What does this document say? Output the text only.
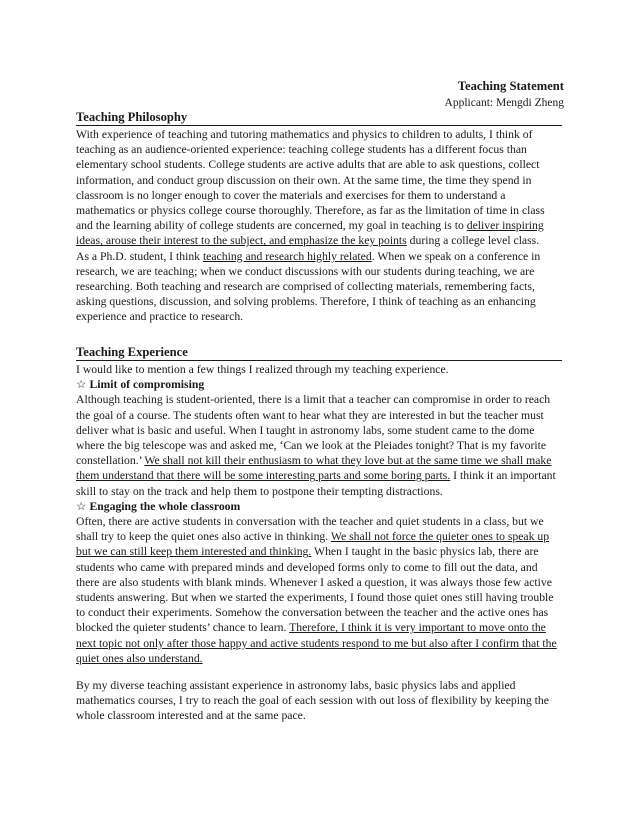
Teaching Statement
Applicant: Mengdi Zheng
Teaching Philosophy

With experience of teaching and tutoring mathematics and physics to children to adults, I think of teaching as an audience-oriented experience: teaching college students has a different focus than elementary school students. College students are active adults that are able to ask questions, collect information, and conduct group discussion on their own. At the same time, the time they spend in classroom is no longer enough to cover the materials and exercises for them to understand a mathematics or physics college course thoroughly. Therefore, as far as the limitation of time in class and the learning ability of college students are concerned, my goal in teaching is to deliver inspiring ideas, arouse their interest to the subject, and emphasize the key points during a college level class.

As a Ph.D. student, I think teaching and research highly related. When we speak on a conference in research, we are teaching; when we conduct discussions with our students during teaching, we are researching. Both teaching and research are comprised of collecting materials, remembering facts, asking questions, discussion, and solving problems. Therefore, I think of teaching as an enhancing experience and practice to research.

Teaching Experience

I would like to mention a few things I realized through my teaching experience.

☆ Limit of compromising

Although teaching is student-oriented, there is a limit that a teacher can compromise in order to reach the goal of a course. The students often want to hear what they are interested in but the teacher must deliver what is basic and useful. When I taught in astronomy labs, some student came to the dome where the big telescope was and asked me, ‘Can we look at the Pleiades tonight? That is my favorite constellation.’ We shall not kill their enthusiasm to what they love but at the same time we shall make them understand that there will be some interesting parts and some boring parts. I think it an important skill to stay on the track and help them to postpone their tempting distractions.

☆ Engaging the whole classroom

Often, there are active students in conversation with the teacher and quiet students in a class, but we shall try to keep the quiet ones also active in thinking. We shall not force the quieter ones to speak up but we can still keep them interested and thinking. When I taught in the basic physics lab, there are students who came with prepared minds and developed forms only to come to fill out the data, and there are also students with blank minds. Whenever I asked a question, it was always those few active students answering. But when we started the experiments, I found those quiet ones still having trouble to conduct their experiments. Somehow the conversation between the teacher and the active ones has blocked the quieter students’ chance to learn. Therefore, I think it is very important to move onto the next topic not only after those happy and active students respond to me but also after I confirm that the quiet ones also understand.

By my diverse teaching assistant experience in astronomy labs, basic physics labs and applied mathematics courses, I try to reach the goal of each session with out loss of flexibility by keeping the whole classroom interested and at the same pace.
